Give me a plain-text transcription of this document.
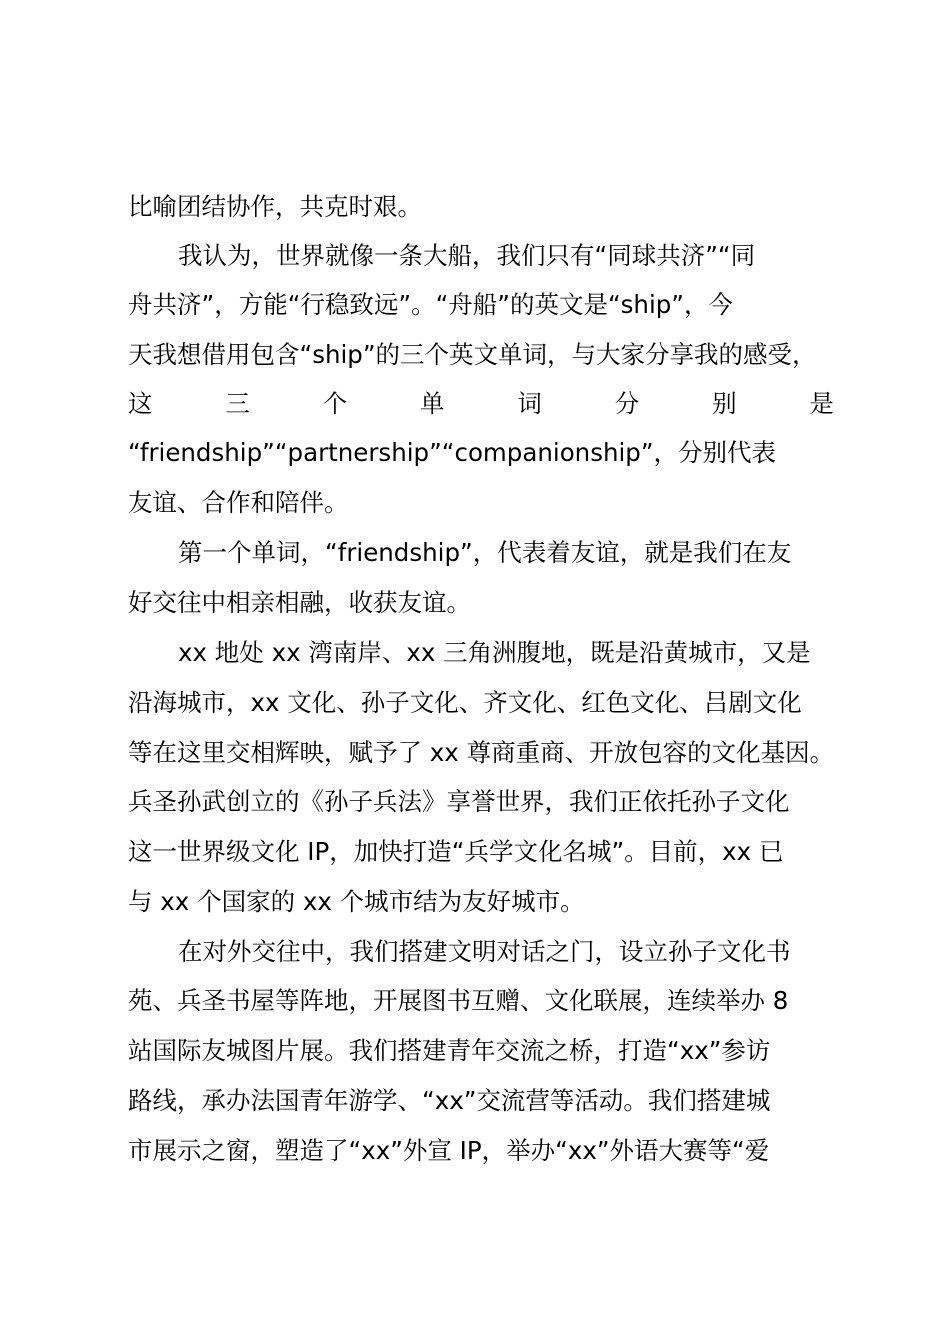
比喻团结协作，共克时艰。
我认为，世界就像一条大船，我们只有“同球共济”“同
舟共济”，方能“行稳致远”。“舟船”的英文是“ship”，今
天我想借用包含“ship”的三个英文单词，与大家分享我的感受，
这	三	个	单	词	分	别	是
“friendship”“partnership”“companionship”，分别代表
友谊、合作和陪伴。
第一个单词，“friendship”，代表着友谊，就是我们在友
好交往中相亲相融，收获友谊。
xx 地处 xx 湾南岸、xx 三角洲腹地，既是沿黄城市，又是
沿海城市，xx 文化、孙子文化、齐文化、红色文化、吕剧文化
等在这里交相辉映，赋予了 xx 尊商重商、开放包容的文化基因。
兵圣孙武创立的《孙子兵法》享誉世界，我们正依托孙子文化
这一世界级文化 IP，加快打造“兵学文化名城”。目前，xx 已
与 xx 个国家的 xx 个城市结为友好城市。
在对外交往中，我们搭建文明对话之门，设立孙子文化书
苑、兵圣书屋等阵地，开展图书互赠、文化联展，连续举办 8
站国际友城图片展。我们搭建青年交流之桥，打造“xx”参访
路线，承办法国青年游学、“xx”交流营等活动。我们搭建城
市展示之窗，塑造了“xx”外宣 IP，举办“xx”外语大赛等“爱
